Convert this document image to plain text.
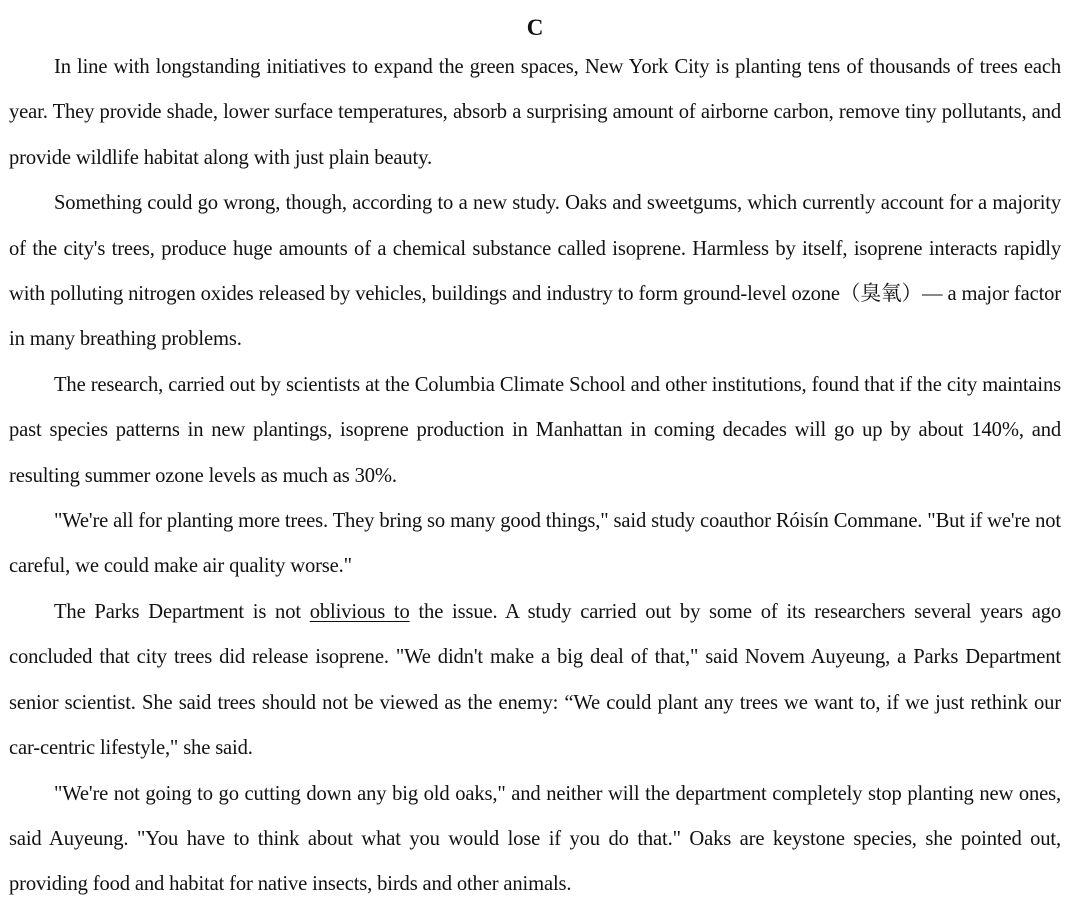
C

In line with longstanding initiatives to expand the green spaces, New York City is planting tens of thousands of trees each year. They provide shade, lower surface temperatures, absorb a surprising amount of airborne carbon, remove tiny pollutants, and provide wildlife habitat along with just plain beauty.

Something could go wrong, though, according to a new study. Oaks and sweetgums, which currently account for a majority of the city's trees, produce huge amounts of a chemical substance called isoprene. Harmless by itself, isoprene interacts rapidly with polluting nitrogen oxides released by vehicles, buildings and industry to form ground-level ozone（臭氧）— a major factor in many breathing problems.

The research, carried out by scientists at the Columbia Climate School and other institutions, found that if the city maintains past species patterns in new plantings, isoprene production in Manhattan in coming decades will go up by about 140%, and resulting summer ozone levels as much as 30%.

"We're all for planting more trees. They bring so many good things," said study coauthor Róisín Commane. "But if we're not careful, we could make air quality worse."

The Parks Department is not oblivious to the issue. A study carried out by some of its researchers several years ago concluded that city trees did release isoprene. "We didn't make a big deal of that," said Novem Auyeung, a Parks Department senior scientist. She said trees should not be viewed as the enemy: “We could plant any trees we want to, if we just rethink our car-centric lifestyle," she said.

"We're not going to go cutting down any big old oaks," and neither will the department completely stop planting new ones, said Auyeung. "You have to think about what you would lose if you do that." Oaks are keystone species, she pointed out, providing food and habitat for native insects, birds and other animals.
